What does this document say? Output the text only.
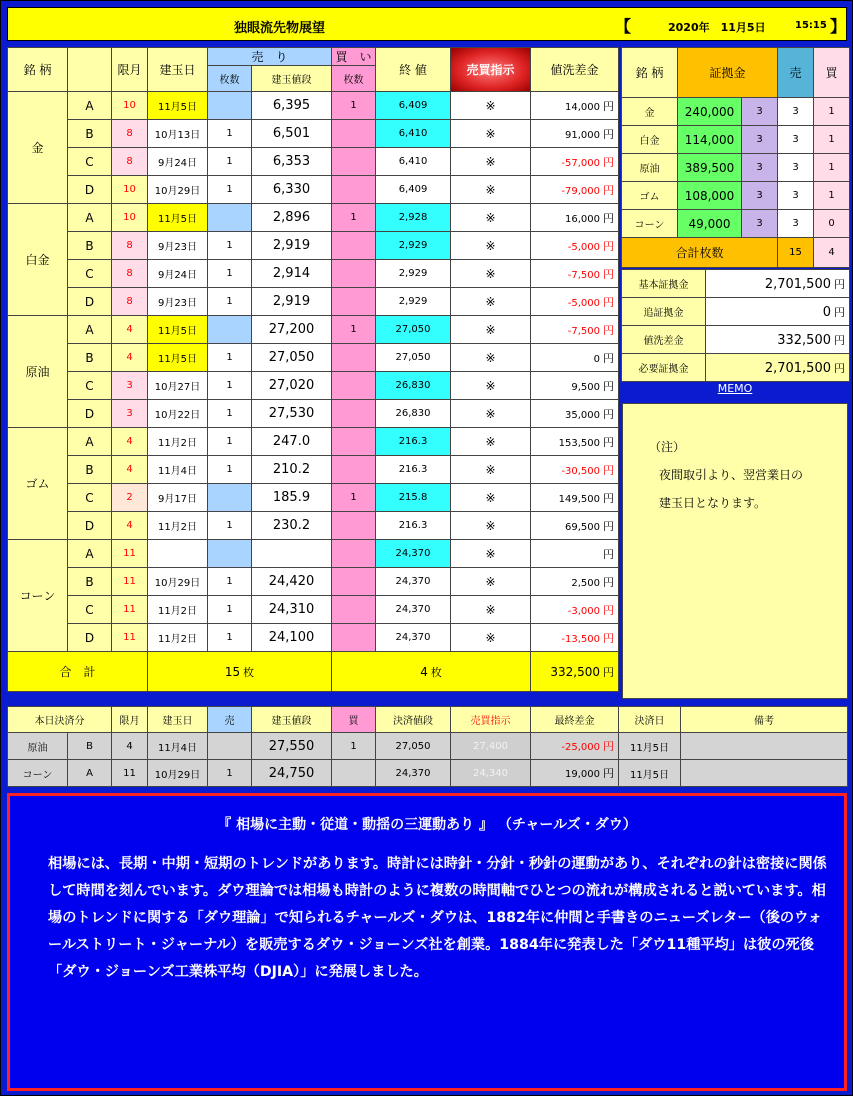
独眼流先物展望	【	2020年　11月5日	15:15 】
銘 柄		限月	建玉日	売　り		買　い	終 値	売買指示	値洗差金
				枚数	建玉値段	枚数			
金	A	10	11月5日		6,395	1	6,409	※	14,000 円
	B	8	10月13日	1	6,501		6,410	※	91,000 円
	C	8	9月24日	1	6,353		6,410	※	-57,000 円
	D	10	10月29日	1	6,330		6,409	※	-79,000 円
白金	A	10	11月5日		2,896	1	2,928	※	16,000 円
	B	8	9月23日	1	2,919		2,929	※	-5,000 円
	C	8	9月24日	1	2,914		2,929	※	-7,500 円
	D	8	9月23日	1	2,919		2,929	※	-5,000 円
原油	A	4	11月5日		27,200	1	27,050	※	-7,500 円
	B	4	11月5日	1	27,050		27,050	※	0 円
	C	3	10月27日	1	27,020		26,830	※	9,500 円
	D	3	10月22日	1	27,530		26,830	※	35,000 円
ゴム	A	4	11月2日	1	247.0		216.3	※	153,500 円
	B	4	11月4日	1	210.2		216.3	※	-30,500 円
	C	2	9月17日		185.9	1	215.8	※	149,500 円
	D	4	11月2日	1	230.2		216.3	※	69,500 円
コーン	A	11					24,370	※	円
	B	11	10月29日	1	24,420		24,370	※	2,500 円
	C	11	11月2日	1	24,310		24,370	※	-3,000 円
	D	11	11月2日	1	24,100		24,370	※	-13,500 円
合　計			15 枚			4 枚			332,500 円
銘 柄	証拠金		売	買
金	240,000	3	3	1
白金	114,000	3	3	1
原油	389,500	3	3	1
ゴム	108,000	3	3	1
コーン	49,000	3	3	0
合計枚数			15	4
基本証拠金	2,701,500 円
追証拠金	0 円
値洗差金	332,500 円
必要証拠金	2,701,500 円
MEMO
（注）
夜間取引より、翌営業日の
建玉日となります。
本日決済分		限月	建玉日	売	建玉値段	買	決済値段	売買指示	最終差金	決済日	備考
原油	B	4	11月4日		27,550	1	27,050	27,400	-25,000 円	11月5日	
コーン	A	11	10月29日	1	24,750		24,370	24,340	19,000 円	11月5日	
『 相場に主動・従道・動揺の三運動あり 』 （チャールズ・ダウ）
相場には、長期・中期・短期のトレンドがあります。時計には時針・分針・秒針の運動があり、それぞれの針は密接に関係して時間を刻んでいます。ダウ理論では相場も時計のように複数の時間軸でひとつの流れが構成されると説いています。相場のトレンドに関する「ダウ理論」で知られるチャールズ・ダウは、1882年に仲間と手書きのニューズレター（後のウォールストリート・ジャーナル）を販売するダウ・ジョーンズ社を創業。1884年に発表した「ダウ11種平均」は彼の死後「ダウ・ジョーンズ工業株平均（DJIA）」に発展しました。
